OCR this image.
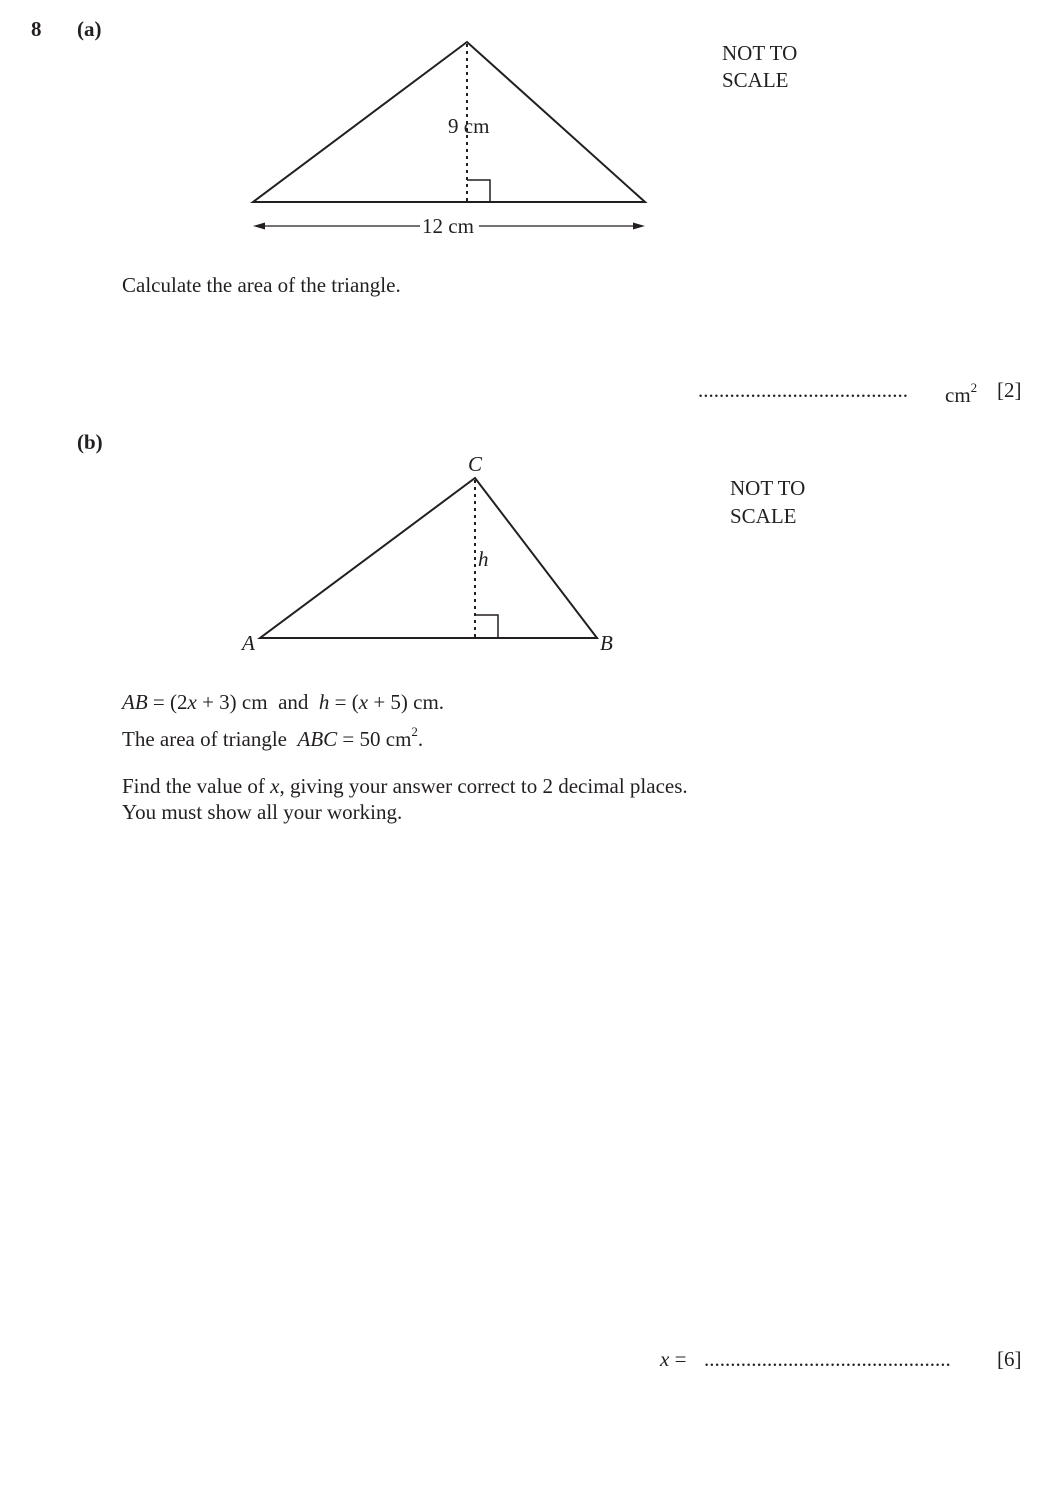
8 (a)
9 cm
12 cm
NOT TO
SCALE
Calculate the area of the triangle.
........................................ $cm^2$ [2]
(b)
C
h
A	B
NOT TO
SCALE
AB = (2x + 3) cm  and  h = (x + 5) cm.
The area of triangle  ABC = 50 $cm^2$.
Find the value of x, giving your answer correct to 2 decimal places.
You must show all your working.
x = ............................................... [6]
